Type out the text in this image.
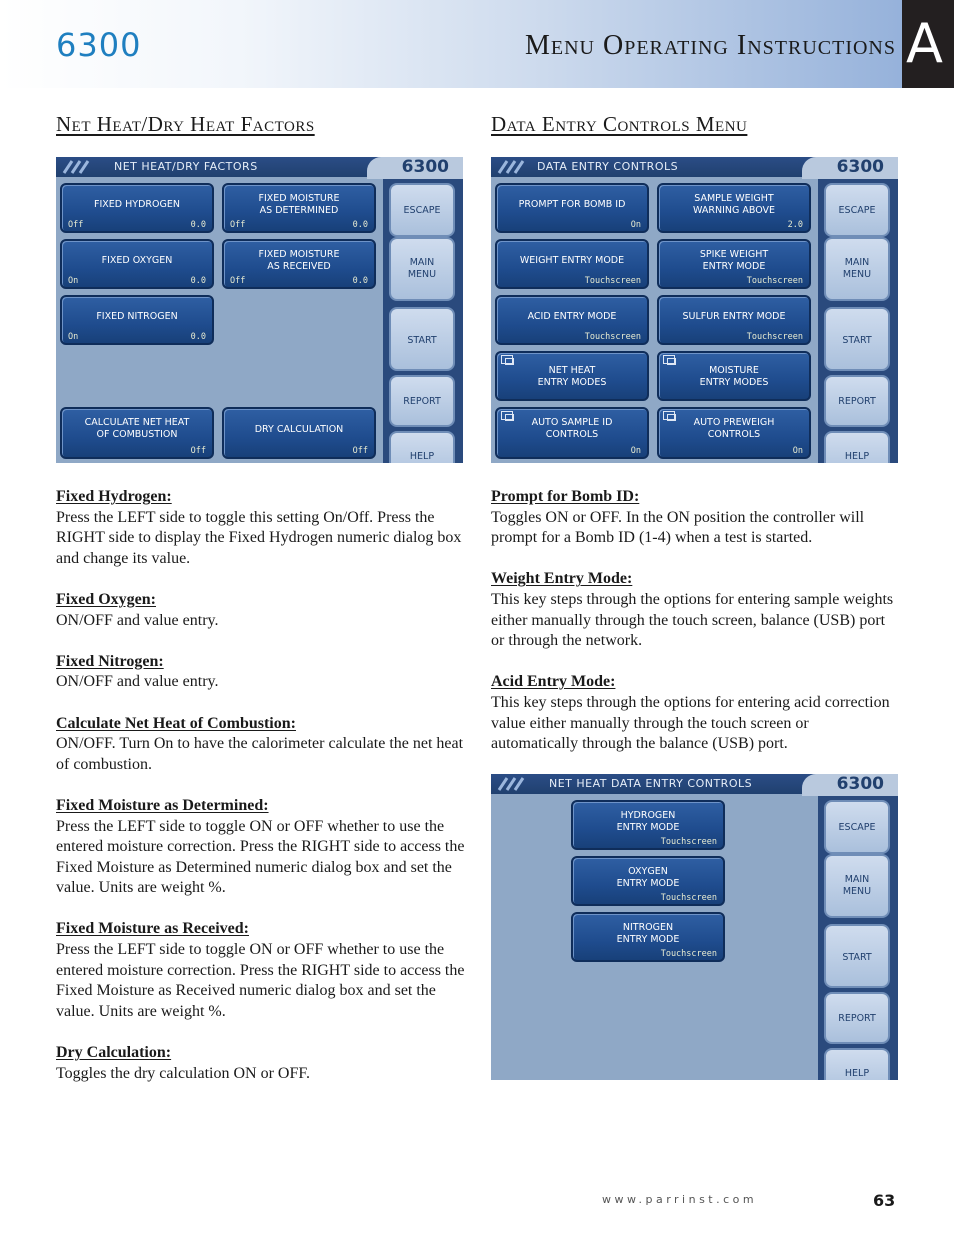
6300	Menu Operating Instructions A
Net Heat/Dry Heat Factors
NET HEAT/DRY FACTORS	6300
ESCAPE
MAIN
MENU
START
REPORT
HELP
FIXED HYDROGEN
Off	0.0
FIXED MOISTURE
AS DETERMINED
Off	0.0
FIXED OXYGEN
On	0.0
FIXED MOISTURE
AS RECEIVED
Off	0.0
FIXED NITROGEN
On	0.0
CALCULATE NET HEAT
OF COMBUSTION
Off
DRY CALCULATION
Off
Data Entry Controls Menu
DATA ENTRY CONTROLS	6300
ESCAPE
MAIN
MENU
START
REPORT
HELP
PROMPT FOR BOMB ID
On
SAMPLE WEIGHT
WARNING ABOVE
2.0
WEIGHT ENTRY MODE
Touchscreen
SPIKE WEIGHT
ENTRY MODE
Touchscreen
ACID ENTRY MODE
Touchscreen
SULFUR ENTRY MODE
Touchscreen
NET HEAT
ENTRY MODES
MOISTURE
ENTRY MODES
AUTO SAMPLE ID
CONTROLS
On
AUTO PREWEIGH
CONTROLS
On
NET HEAT DATA ENTRY CONTROLS	6300
ESCAPE
MAIN
MENU
START
REPORT
HELP
HYDROGEN
ENTRY MODE
Touchscreen
OXYGEN
ENTRY MODE
Touchscreen
NITROGEN
ENTRY MODE
Touchscreen
Fixed Hydrogen:
Press the LEFT side to toggle this setting On/Off. Press the RIGHT side to display the Fixed Hydrogen numeric dialog box and change its value.
Fixed Oxygen:
ON/OFF and value entry.
Fixed Nitrogen:
ON/OFF and value entry.
Calculate Net Heat of Combustion:
ON/OFF. Turn On to have the calorimeter calculate the net heat of combustion.
Fixed Moisture as Determined:
Press the LEFT side to toggle ON or OFF whether to use the entered moisture correction. Press the RIGHT side to access the Fixed Moisture as Determined numeric dialog box and set the value. Units are weight %.
Fixed Moisture as Received:
Press the LEFT side to toggle ON or OFF whether to use the entered moisture correction. Press the RIGHT side to access the Fixed Moisture as Received numeric dialog box and set the value. Units are weight %.
Dry Calculation:
Toggles the dry calculation ON or OFF.
Prompt for Bomb ID:
Toggles ON or OFF. In the ON position the controller will prompt for a Bomb ID (1-4) when a test is started.
Weight Entry Mode:
This key steps through the options for entering sample weights either manually through the touch screen, balance (USB) port or through the network.
Acid Entry Mode:
This key steps through the options for entering acid correction value either manually through the touch screen or automatically through the balance (USB) port.
www.parrinst.com	63
